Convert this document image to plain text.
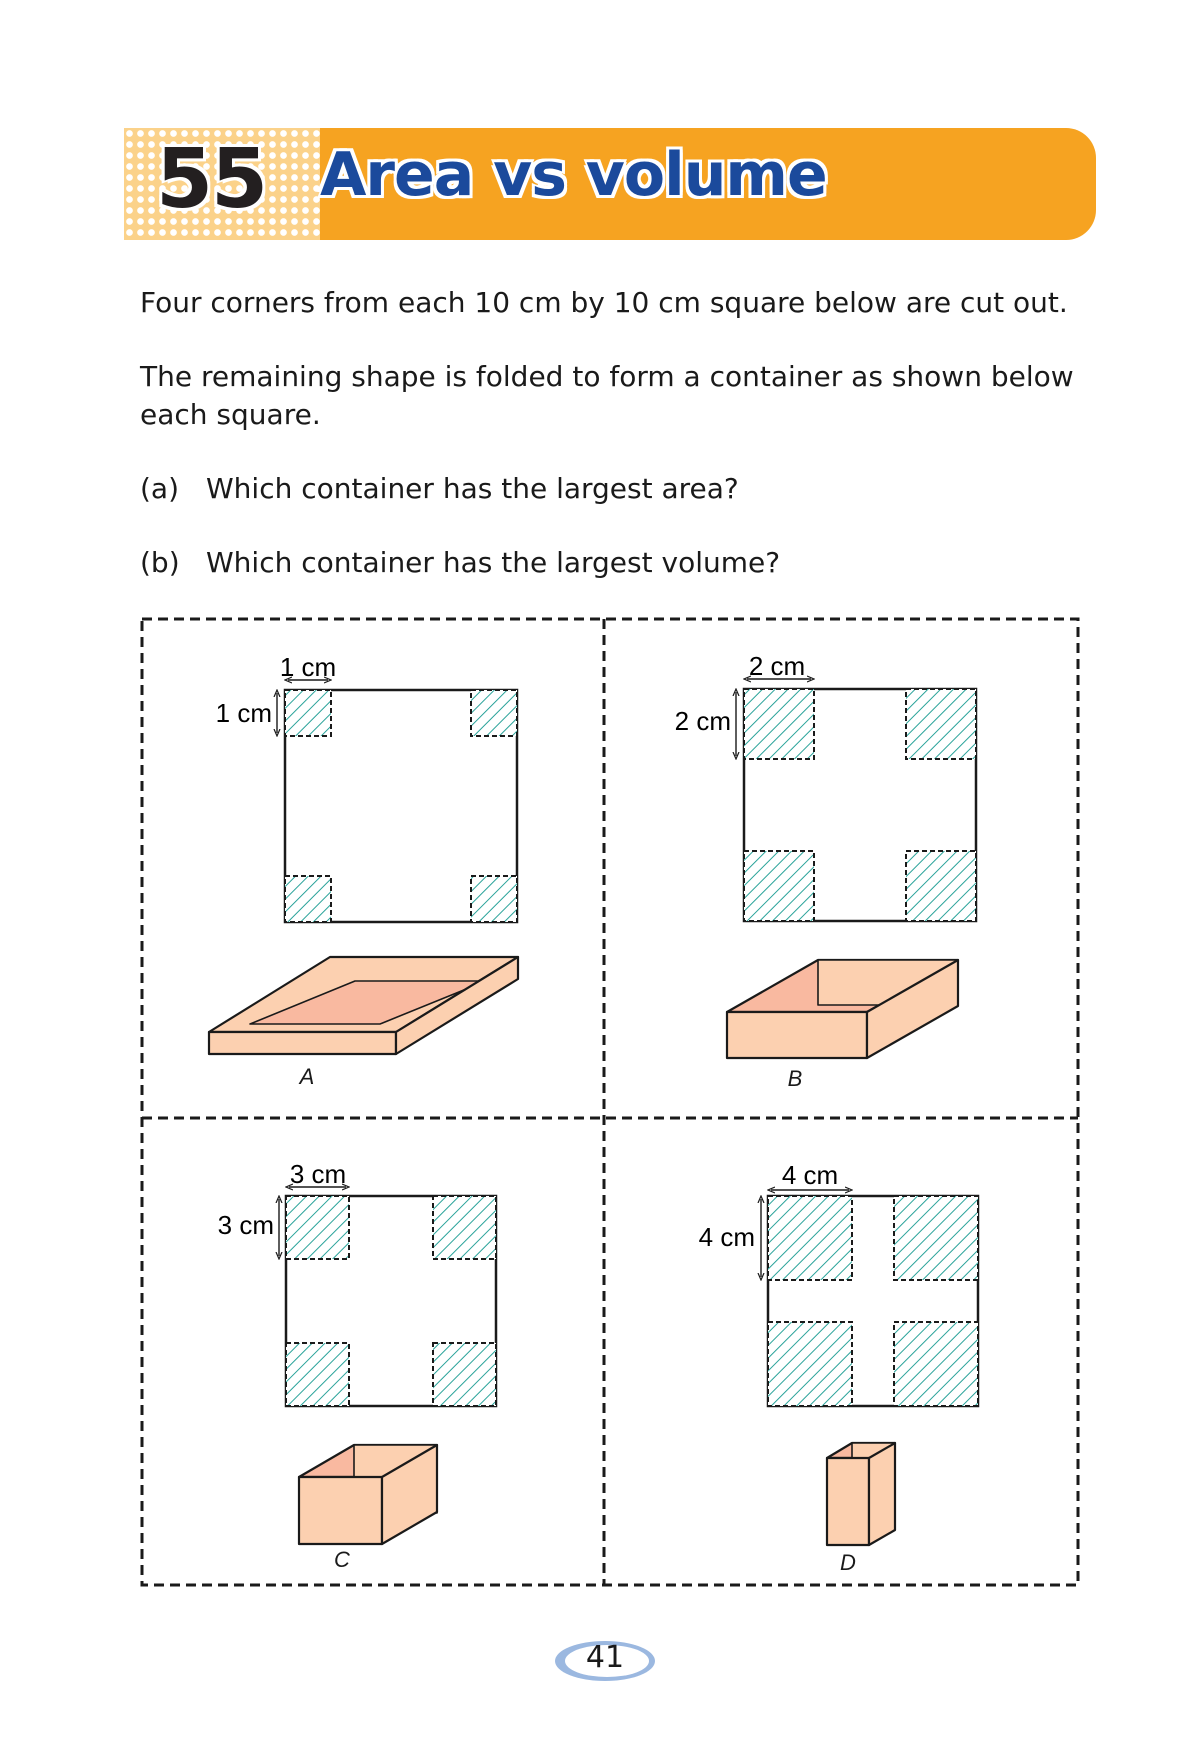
55 Area vs volume
Four corners from each 10 cm by 10 cm square below are cut out.
The remaining shape is folded to form a container as shown below each square.
(a) Which container has the largest area?
(b) Which container has the largest volume?
1 cm
1 cm
A
2 cm
2 cm
B
3 cm
3 cm
C
4 cm
4 cm
D
41
